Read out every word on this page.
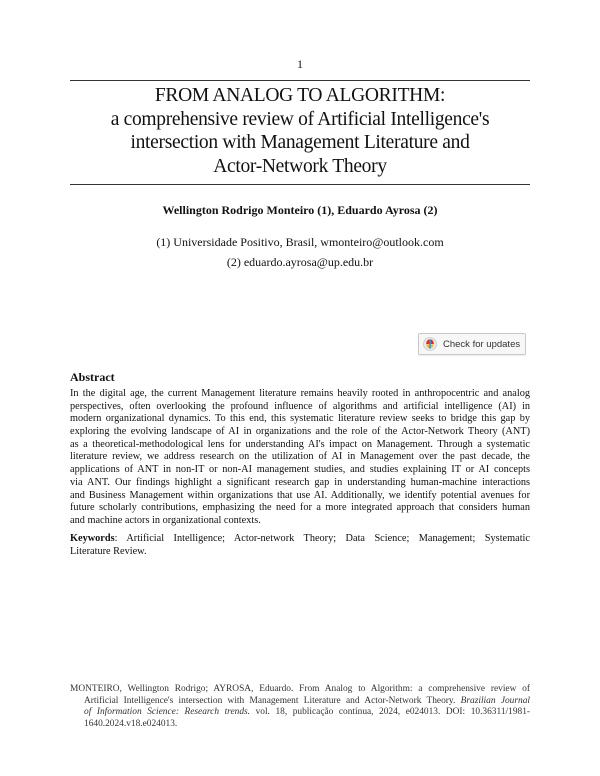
1
FROM ANALOG TO ALGORITHM:
a comprehensive review of Artificial Intelligence's
intersection with Management Literature and
Actor-Network Theory
Wellington Rodrigo Monteiro (1), Eduardo Ayrosa (2)
(1) Universidade Positivo, Brasil, wmonteiro@outlook.com
(2) eduardo.ayrosa@up.edu.br
Check for updates
Abstract
In the digital age, the current Management literature remains heavily rooted in anthropocentric and analog
perspectives, often overlooking the profound influence of algorithms and artificial intelligence (AI) in
modern organizational dynamics. To this end, this systematic literature review seeks to bridge this gap by
exploring the evolving landscape of AI in organizations and the role of the Actor-Network Theory (ANT)
as a theoretical-methodological lens for understanding AI's impact on Management. Through a systematic
literature review, we address research on the utilization of AI in Management over the past decade, the
applications of ANT in non-IT or non-AI management studies, and studies explaining IT or AI concepts
via ANT. Our findings highlight a significant research gap in understanding human-machine interactions
and Business Management within organizations that use AI. Additionally, we identify potential avenues for
future scholarly contributions, emphasizing the need for a more integrated approach that considers human
and machine actors in organizational contexts.
Keywords: Artificial Intelligence; Actor-network Theory; Data Science; Management; Systematic
Literature Review.
MONTEIRO, Wellington Rodrigo; AYROSA, Eduardo. From Analog to Algorithm: a comprehensive review of
Artificial Intelligence's intersection with Management Literature and Actor-Network Theory. Brazilian Journal
of Information Science: Research trends. vol. 18, publicação contínua, 2024, e024013. DOI: 10.36311/1981-
1640.2024.v18.e024013.
